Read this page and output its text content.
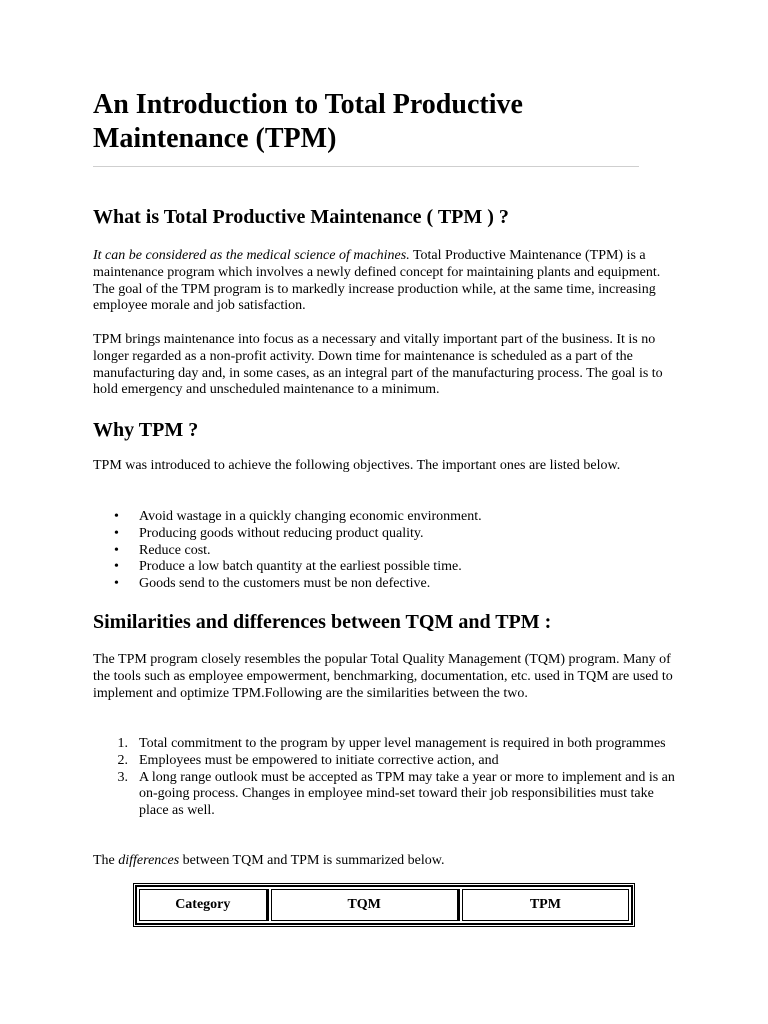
An Introduction to Total Productive Maintenance (TPM)
What is Total Productive Maintenance ( TPM ) ?

It can be considered as the medical science of machines. Total Productive Maintenance (TPM) is a maintenance program which involves a newly defined concept for maintaining plants and equipment. The goal of the TPM program is to markedly increase production while, at the same time, increasing employee morale and job satisfaction.

TPM brings maintenance into focus as a necessary and vitally important part of the business. It is no longer regarded as a non-profit activity. Down time for maintenance is scheduled as a part of the manufacturing day and, in some cases, as an integral part of the manufacturing process. The goal is to hold emergency and unscheduled maintenance to a minimum.

Why TPM ?

TPM was introduced to achieve the following objectives. The important ones are listed below.

• Avoid wastage in a quickly changing economic environment.
• Producing goods without reducing product quality.
• Reduce cost.
• Produce a low batch quantity at the earliest possible time.
• Goods send to the customers must be non defective.
Similarities and differences between TQM and TPM :

The TPM program closely resembles the popular Total Quality Management (TQM) program. Many of the tools such as employee empowerment, benchmarking, documentation, etc. used in TQM are used to implement and optimize TPM.Following are the similarities between the two.

1. Total commitment to the program by upper level management is required in both programmes
2. Employees must be empowered to initiate corrective action, and
3. A long range outlook must be accepted as TPM may take a year or more to implement and is an on-going process. Changes in employee mind-set toward their job responsibilities must take place as well.

The differences between TQM and TPM is summarized below.

Category	TQM	TPM
